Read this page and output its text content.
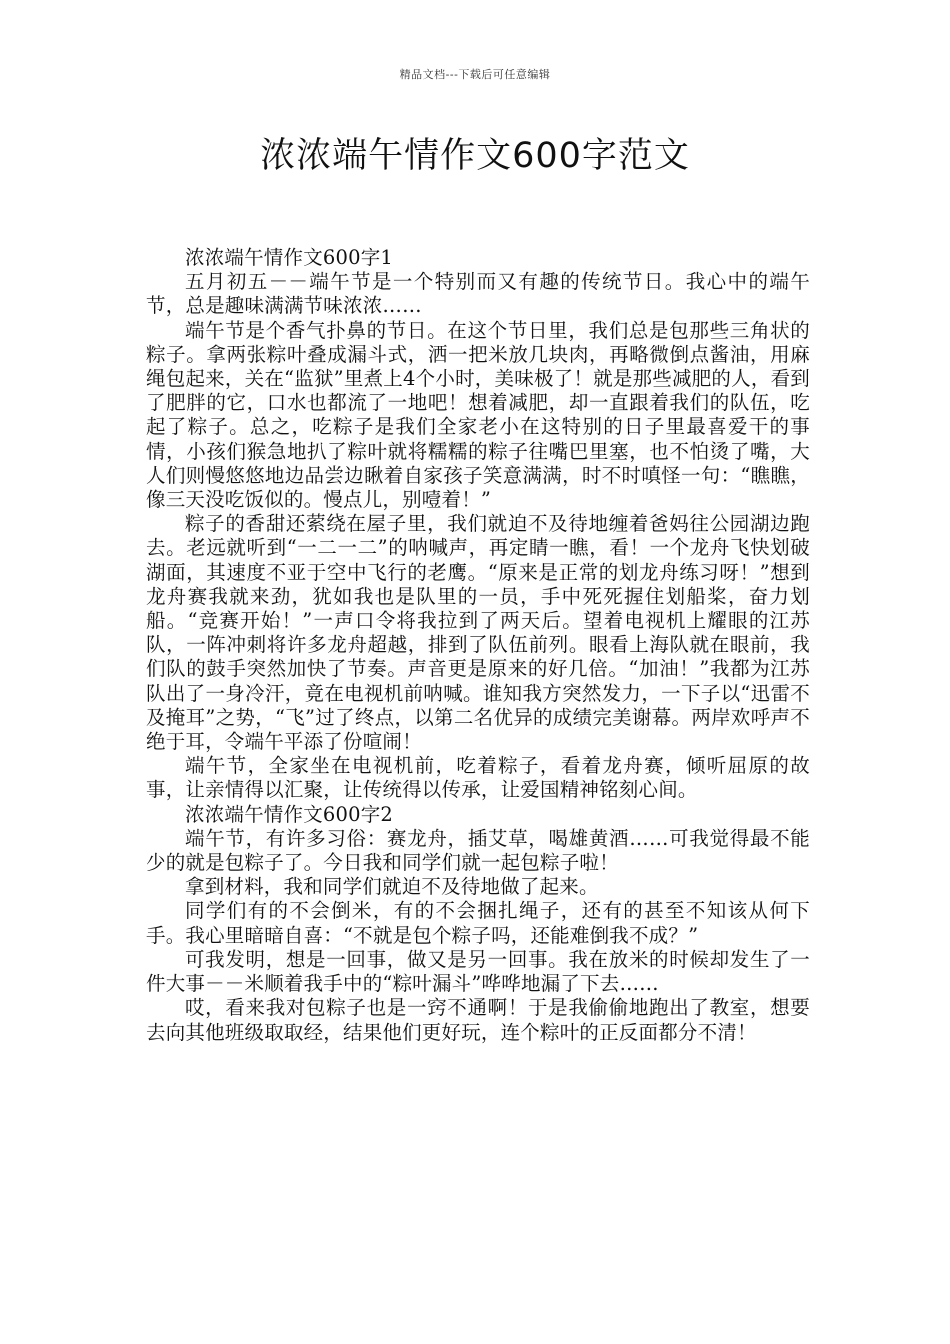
精品文档---下载后可任意编辑
浓浓端午情作文600字范文

浓浓端午情作文600字1

五月初五－－端午节是一个特别而又有趣的传统节日。我心中的端午节，总是趣味满满节味浓浓……

端午节是个香气扑鼻的节日。在这个节日里，我们总是包那些三角状的粽子。拿两张粽叶叠成漏斗式，洒一把米放几块肉，再略微倒点酱油，用麻绳包起来，关在“监狱”里煮上4个小时，美味极了！就是那些减肥的人，看到了肥胖的它，口水也都流了一地吧！想着减肥，却一直跟着我们的队伍，吃起了粽子。总之，吃粽子是我们全家老小在这特别的日子里最喜爱干的事情，小孩们猴急地扒了粽叶就将糯糯的粽子往嘴巴里塞，也不怕烫了嘴，大人们则慢悠悠地边品尝边瞅着自家孩子笑意满满，时不时嗔怪一句：“瞧瞧，像三天没吃饭似的。慢点儿，别噎着！”

粽子的香甜还萦绕在屋子里，我们就迫不及待地缠着爸妈往公园湖边跑去。老远就听到“一二一二”的呐喊声，再定睛一瞧，看！一个龙舟飞快划破湖面，其速度不亚于空中飞行的老鹰。“原来是正常的划龙舟练习呀！”想到龙舟赛我就来劲，犹如我也是队里的一员，手中死死握住划船桨，奋力划船。“竞赛开始！”一声口令将我拉到了两天后。望着电视机上耀眼的江苏队，一阵冲刺将许多龙舟超越，排到了队伍前列。眼看上海队就在眼前，我们队的鼓手突然加快了节奏。声音更是原来的好几倍。“加油！”我都为江苏队出了一身冷汗，竟在电视机前呐喊。谁知我方突然发力，一下子以“迅雷不及掩耳”之势，“飞”过了终点，以第二名优异的成绩完美谢幕。两岸欢呼声不绝于耳，令端午平添了份喧闹！

端午节，全家坐在电视机前，吃着粽子，看着龙舟赛，倾听屈原的故事，让亲情得以汇聚，让传统得以传承，让爱国精神铭刻心间。

浓浓端午情作文600字2

端午节，有许多习俗：赛龙舟，插艾草，喝雄黄酒……可我觉得最不能少的就是包粽子了。今日我和同学们就一起包粽子啦！

拿到材料，我和同学们就迫不及待地做了起来。

同学们有的不会倒米，有的不会捆扎绳子，还有的甚至不知该从何下手。我心里暗暗自喜：“不就是包个粽子吗，还能难倒我不成？”

可我发明，想是一回事，做又是另一回事。我在放米的时候却发生了一件大事－－米顺着我手中的“粽叶漏斗”哗哗地漏了下去……

哎，看来我对包粽子也是一窍不通啊！于是我偷偷地跑出了教室，想要去向其他班级取取经，结果他们更好玩，连个粽叶的正反面都分不清！
